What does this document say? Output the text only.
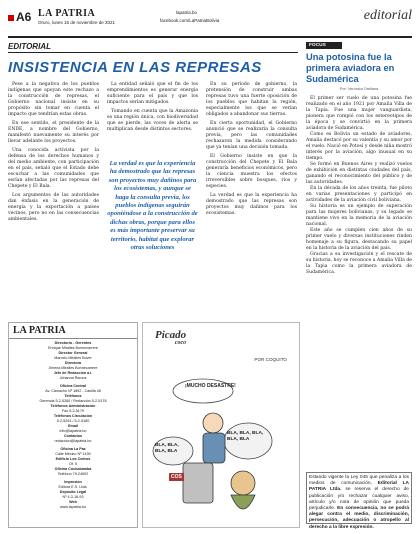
A6 LA PATRIA
Oruro, lunes 15 de noviembre de 2021
lapatria.bo
facebook.com/LaPatriaBolivia	editorial
EDITORIAL
INSISTENCIA EN LAS REPRESAS

Pese a la negativa de los pueblos indígenas que apoyan este rechazo a la construcción de represas, el Gobierno nacional insiste en su propósito sin tomar en cuenta el impacto que tendrían estas obras.

En ese sentido, el presidente de la ENDE, a nombre del Gobierno, manifestó nuevamente su interés por llevar adelante los proyectos.

Una conocida activista por la defensa de los derechos humanos y del medio ambiente, con participación en el país, señaló que el Estado debe escuchar a las comunidades que serían afectadas por las represas del Chepete y El Bala.

Los argumentos de las autoridades dan énfasis en la generación de energía y la exportación a países vecinos, pero no en las consecuencias ambientales.

La entidad señaló que el fin de los emprendimientos es generar energía suficiente para el país y que los impactos serían mitigados.

Tomando en cuenta que la Amazonia es una región única, con biodiversidad que se pierde, las voces de alerta se multiplican desde distintos sectores.

La verdad es que la experiencia ha demostrado que las represas son proyectos muy dañinos para los ecosistemas, y aunque se haga la consulta previa, los pueblos indígenas seguirán oponiéndose a la construcción de dichas obras, porque para ellos es más importante preservar su territorio, habitat que explorar otras soluciones

En su período de gobierno, la pretensión de construir ambas represas tuvo una fuerte oposición de los pueblos que habitan la región, especialmente los que se verían obligados a abandonar sus tierras.

En cierta oportunidad, el Gobierno anunció que se realizaría la consulta previa, pero las comunidades rechazaron la medida considerando que ya tenían una decisión tomada.

El Gobierno insiste en que la construcción del Chepete y El Bala generaría beneficios económicos, pero la ciencia muestra los efectos irreversibles sobre bosques, ríos y especies.

La verdad es que la experiencia ha demostrado que las represas son proyectos muy dañinos para los ecosistemas.

FOCUS
Una potosina fue la primera aviadora en Sudamérica
Por: Verónica Orellana

El primer ser vuelo de una potosina fue realizado en el año 1921 por Amalia Villa de la Tapia. Fue una mujer vanguardista, pionera que rompió con los estereotipos de la época y se convirtió en la primera aviadora de Sudamérica.

Como es Bolivia un estado de aviadores, Amalia destacó por su valentía y su amor por el vuelo. Nació en Potosí y desde niña mostró interés por la aviación, algo inusual en su tiempo.

Se formó en Buenos Aires y realizó vuelos de exhibición en distintas ciudades del país, ganando el reconocimiento del público y de las autoridades.

En la década de los años treinta, fue piloto en varias presentaciones y participó en actividades de la aviación civil boliviana.

Su historia es un ejemplo de superación para las mujeres bolivianas, y su legado se mantiene vivo en la memoria de la aviación nacional.

Este año se cumplen cien años de su primer vuelo y diversas instituciones rinden homenaje a su figura, destacando su papel en la historia de la aviación del país.

Gracias a su investigación y el rescate de su historia, hoy se reconoce a Amalia Villa de la Tapia como la primera aviadora de Sudamérica.

LA PATRIA
Directorio - Gerentes
Enrique Miralles Bonnecarrere
Director General
Marcelo Miralles Bover
Directora
Jimena Miralles Bonnecarrere
Jefe de Redacción a.i.
Johanna Ramos
Oficina Central
Av. Camacho Nº 1892 - Casilla 48
Teléfonos
Gerencia 5-2-5260 / Redacción 5-2-5178
Teléfonos Administración
Fax 5-2-5179
Teléfonos Circulación
5-2-5261 / 5-2-5180
Email
info@lapatria.bo
Contactos
redaccion@lapatria.bo
Oficina La Paz
Calle México Nº 1430
Edificio Los Cedros
Of. 5
Oficina Cochabamba
Teléfono 79-24692
Impresión
Editora E.S. Ltda.
Depósito Legal
Nº 4-3-16-93
Web
www.lapatria.bo
Picado
coco
POR COQUITO
¡MUCHO DESASTRE!
BLA, BLA, BLA, BLA, BLA
BLA, BLA, BLA, BLA
COS	Estando vigente la Ley 045 que penaliza a los medios de comunicación, Editorial LA PATRIA Ltda. se reserva el derecho de publicación y/o rechazar cualquier aviso, artículo y/o nota de opinión que pueda perjudicarle. En consecuencia, no se podrá alegar contra el medio, discriminación, persecución, adecuación o atropello al derecho a la libre expresión.
